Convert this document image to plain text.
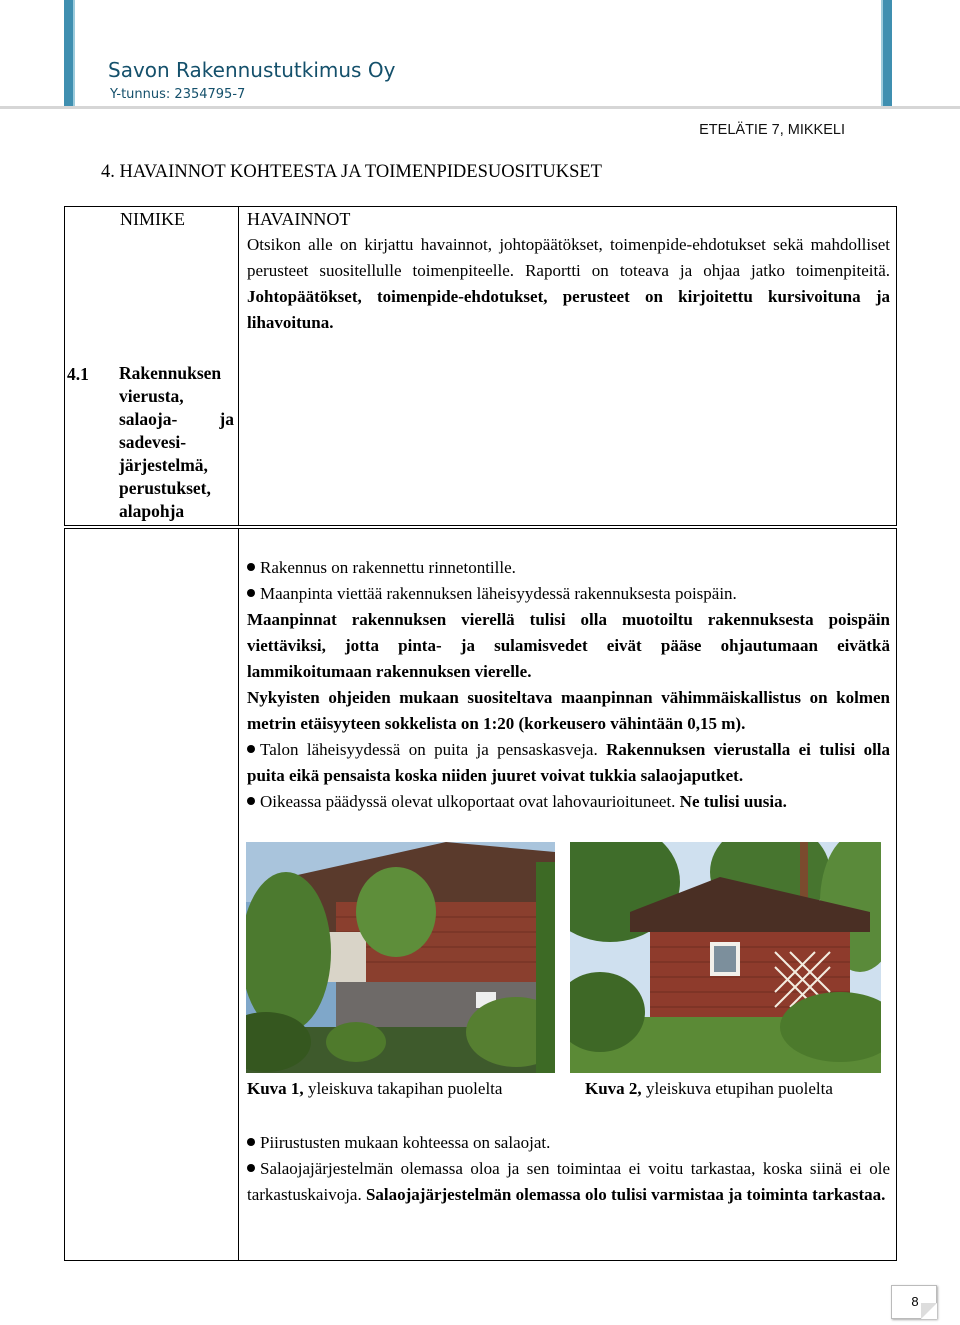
Savon Rakennustutkimus Oy
Y-tunnus: 2354795-7
ETELÄTIE 7, MIKKELI
4. HAVAINNOT KOHTEESTA JA TOIMENPIDESUOSITUKSET
NIMIKE	HAVAINNOT

Otsikon alle on kirjattu havainnot, johtopäätökset, toimenpide-ehdotukset sekä mahdolliset perusteet suositellulle toimenpiteelle. Raportti on toteava ja ohjaa jatko toimenpiteitä. Johtopäätökset, toimenpide-ehdotukset, perusteet on kirjoitettu kursivoituna ja lihavoituna.

4.1 Rakennuksen
vierusta,
salaoja- ja
sadevesi-
järjestelmä,
perustukset,
alapohja

Rakennus on rakennettu rinnetontille.

Maanpinta viettää rakennuksen läheisyydessä rakennuksesta poispäin.

Maanpinnat rakennuksen vierellä tulisi olla muotoiltu rakennuksesta poispäin viettäviksi, jotta pinta- ja sulamisvedet eivät pääse ohjautumaan eivätkä lammikoitumaan rakennuksen vierelle.

Nykyisten ohjeiden mukaan suositeltava maanpinnan vähimmäiskallistus on kolmen metrin etäisyyteen sokkelista on 1:20 (korkeusero vähintään 0,15 m).

Talon läheisyydessä on puita ja pensaskasveja. Rakennuksen vierustalla ei tulisi olla puita eikä pensaista koska niiden juuret voivat tukkia salaojaputket.

Oikeassa päädyssä olevat ulkoportaat ovat lahovaurioituneet. Ne tulisi uusia.

Kuva 1, yleiskuva takapihan puolelta	Kuva 2, yleiskuva etupihan puolelta

Piirustusten mukaan kohteessa on salaojat.

Salaojajärjestelmän olemassa oloa ja sen toimintaa ei voitu tarkastaa, koska siinä ei ole tarkastuskaivoja. Salaojajärjestelmän olemassa olo tulisi varmistaa ja toiminta tarkastaa.

8
